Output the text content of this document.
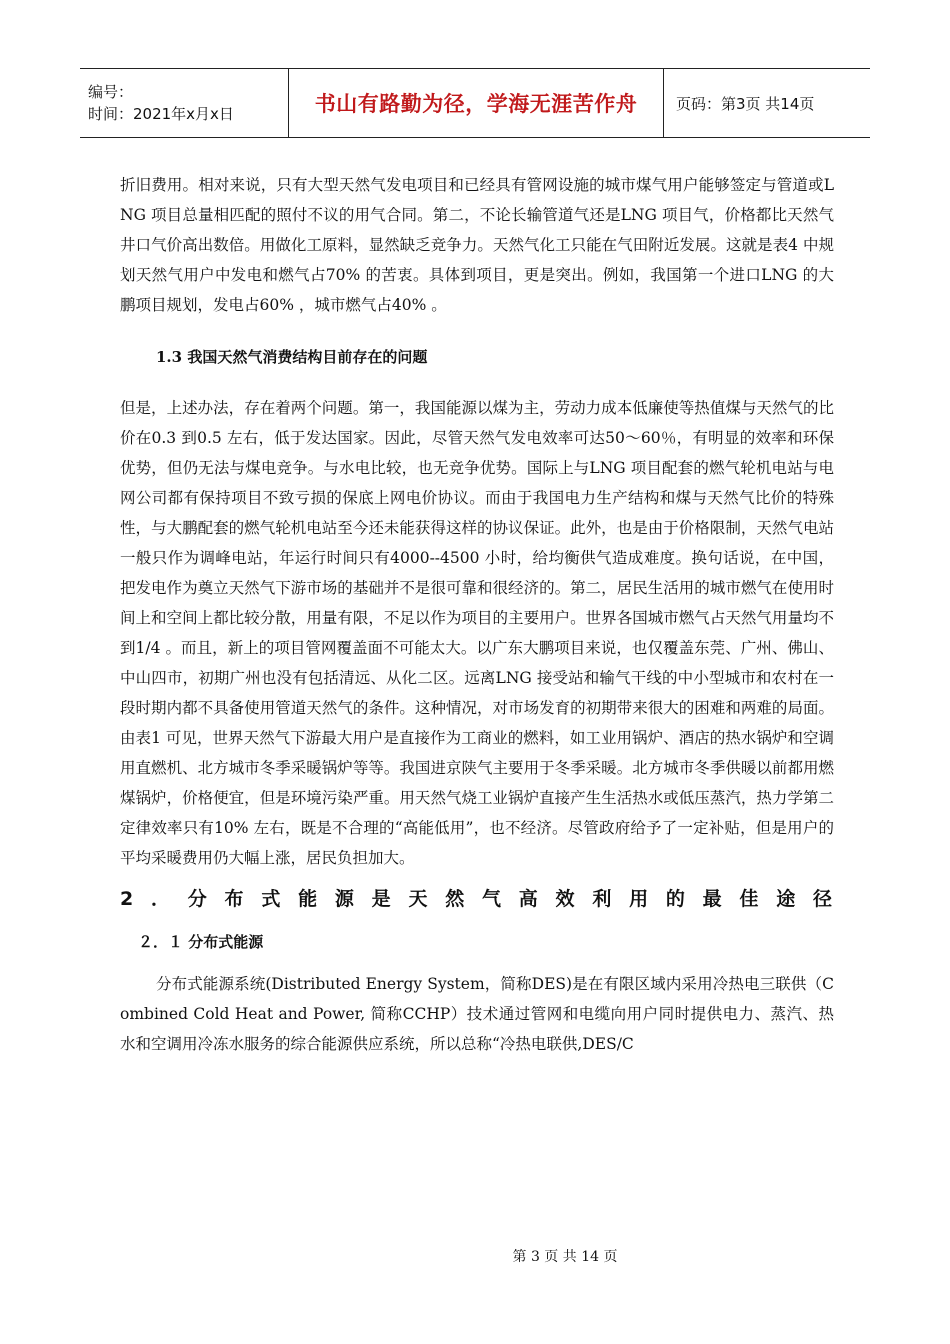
编号：
时间：2021年x月x日	书山有路勤为径，学海无涯苦作舟	页码：第3页 共14页

折旧费用。相对来说，只有大型天然气发电项目和已经具有管网设施的城市煤气用户能够签定与管道或LNG 项目总量相匹配的照付不议的用气合同。第二，不论长输管道气还是LNG 项目气，价格都比天然气井口气价高出数倍。用做化工原料，显然缺乏竞争力。天然气化工只能在气田附近发展。这就是表4 中规划天然气用户中发电和燃气占70% 的苦衷。具体到项目，更是突出。例如，我国第一个进口LNG 的大鹏项目规划，发电占60% ，城市燃气占40% 。

1.3 我国天然气消费结构目前存在的问题

但是，上述办法，存在着两个问题。第一，我国能源以煤为主，劳动力成本低廉使等热值煤与天然气的比价在0.3 到0.5 左右，低于发达国家。因此，尽管天然气发电效率可达50～60％，有明显的效率和环保优势，但仍无法与煤电竞争。与水电比较，也无竞争优势。国际上与LNG 项目配套的燃气轮机电站与电网公司都有保持项目不致亏损的保底上网电价协议。而由于我国电力生产结构和煤与天然气比价的特殊性，与大鹏配套的燃气轮机电站至今还未能获得这样的协议保证。此外，也是由于价格限制，天然气电站一般只作为调峰电站，年运行时间只有4000--4500 小时，给均衡供气造成难度。换句话说，在中国，把发电作为奠立天然气下游市场的基础并不是很可靠和很经济的。第二，居民生活用的城市燃气在使用时间上和空间上都比较分散，用量有限，不足以作为项目的主要用户。世界各国城市燃气占天然气用量均不到1/4 。而且，新上的项目管网覆盖面不可能太大。以广东大鹏项目来说，也仅覆盖东莞、广州、佛山、中山四市，初期广州也没有包括清远、从化二区。远离LNG 接受站和输气干线的中小型城市和农村在一段时期内都不具备使用管道天然气的条件。这种情况，对市场发育的初期带来很大的困难和两难的局面。由表1 可见，世界天然气下游最大用户是直接作为工商业的燃料，如工业用锅炉、酒店的热水锅炉和空调用直燃机、北方城市冬季采暖锅炉等等。我国进京陕气主要用于冬季采暖。北方城市冬季供暖以前都用燃煤锅炉，价格便宜，但是环境污染严重。用天然气烧工业锅炉直接产生生活热水或低压蒸汽，热力学第二定律效率只有10% 左右，既是不合理的“高能低用”，也不经济。尽管政府给予了一定补贴，但是用户的平均采暖费用仍大幅上涨，居民负担加大。

2．分布式能源是天然气高效利用的最佳途径
２．１ 分布式能源

分布式能源系统(Distributed Energy System，简称DES)是在有限区域内采用冷热电三联供（Combined Cold Heat and Power, 简称CCHP）技术通过管网和电缆向用户同时提供电力、蒸汽、热水和空调用冷冻水服务的综合能源供应系统，所以总称“冷热电联供,DES/C

第 3 页 共 14 页
